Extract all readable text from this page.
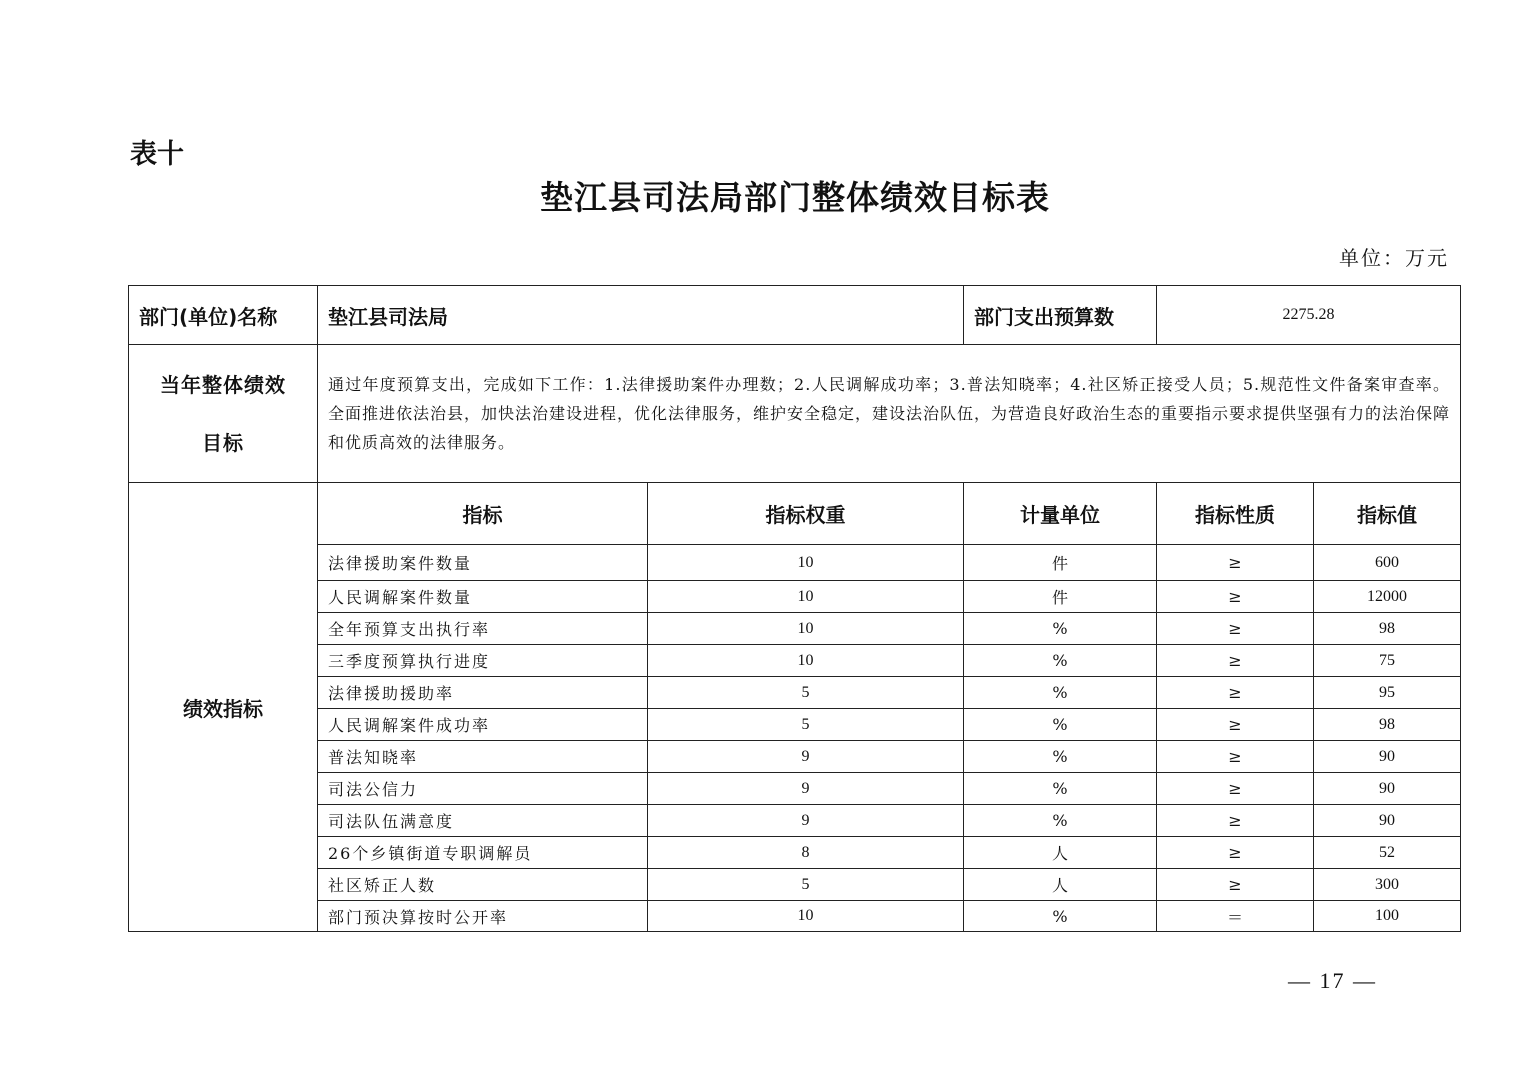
表十
垫江县司法局部门整体绩效目标表
单位：万元
部门(单位)名称	垫江县司法局		部门支出预算数	2275.28	

当年整体绩效
目标	通过年度预算支出，完成如下工作：1.法律援助案件办理数；2.人民调解成功率；3.普法知晓率；4.社区矫正接受人员；5.规范性文件备案审查率。全面推进依法治县，加快法治建设进程，优化法律服务，维护安全稳定，建设法治队伍，为营造良好政治生态的重要指示要求提供坚强有力的法治保障和优质高效的法律服务。				
绩效指标	指标	指标权重	计量单位	指标性质	指标值
	法律援助案件数量	10	件	≥	600
	人民调解案件数量	10	件	≥	12000
	全年预算支出执行率	10	%	≥	98
	三季度预算执行进度	10	%	≥	75
	法律援助援助率	5	%	≥	95
	人民调解案件成功率	5	%	≥	98
	普法知晓率	9	%	≥	90
	司法公信力	9	%	≥	90
	司法队伍满意度	9	%	≥	90
	26个乡镇街道专职调解员	8	人	≥	52
	社区矫正人数	5	人	≥	300
	部门预决算按时公开率	10	%	＝	100
— 17 —
